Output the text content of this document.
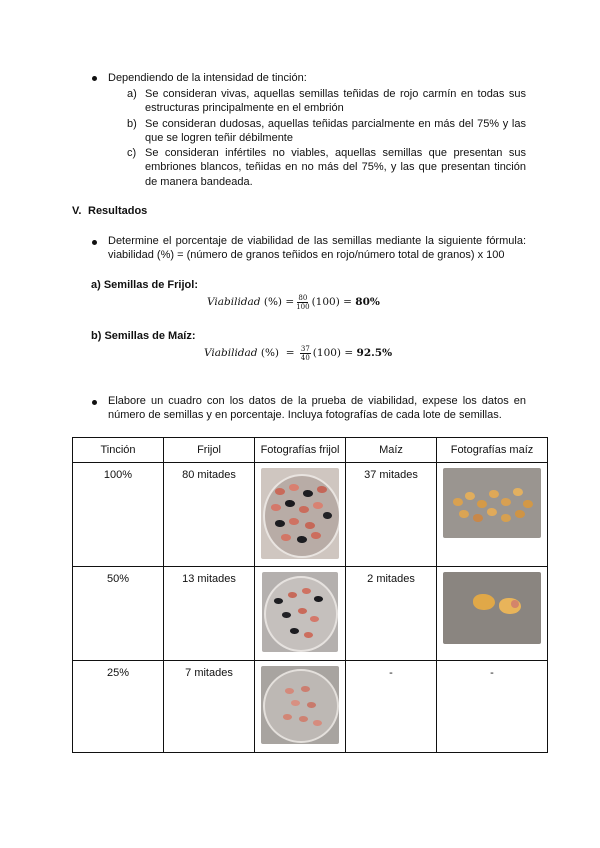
Dependiendo de la intensidad de tinción:
a) Se consideran vivas, aquellas semillas teñidas de rojo carmín en todas sus
estructuras principalmente en el embrión
b) Se consideran dudosas, aquellas teñidas parcialmente en más del 75% y las
que se logren teñir débilmente
c) Se consideran infértiles no viables, aquellas semillas que presentan sus
embriones blancos, teñidas en no más del 75%, y las que presentan tinción
de manera bandeada.
V. Resultados
Determine el porcentaje de viabilidad de las semillas mediante la siguiente fórmula:
viabilidad (%) = (número de granos teñidos en rojo/número total de granos) x 100
a) Semillas de Frijol:
Viabilidad
(%)
= $\frac{80}{100} (100)$
=
80%
b) Semillas de Maíz:
Viabilidad
(%)
=
$\frac{37}{40} (100)$
=
92.5%
Elabore un cuadro con los datos de la prueba de viabilidad, expese los datos en
número de semillas y en porcentaje. Incluya fotografías de cada lote de semillas.
Tinción	Frijol	Fotografías frijol	Maíz	Fotografías maíz

100%	80 mitades		37 mitades	

50%	13 mitades		2 mitades	

25%	7 mitades		-	-
